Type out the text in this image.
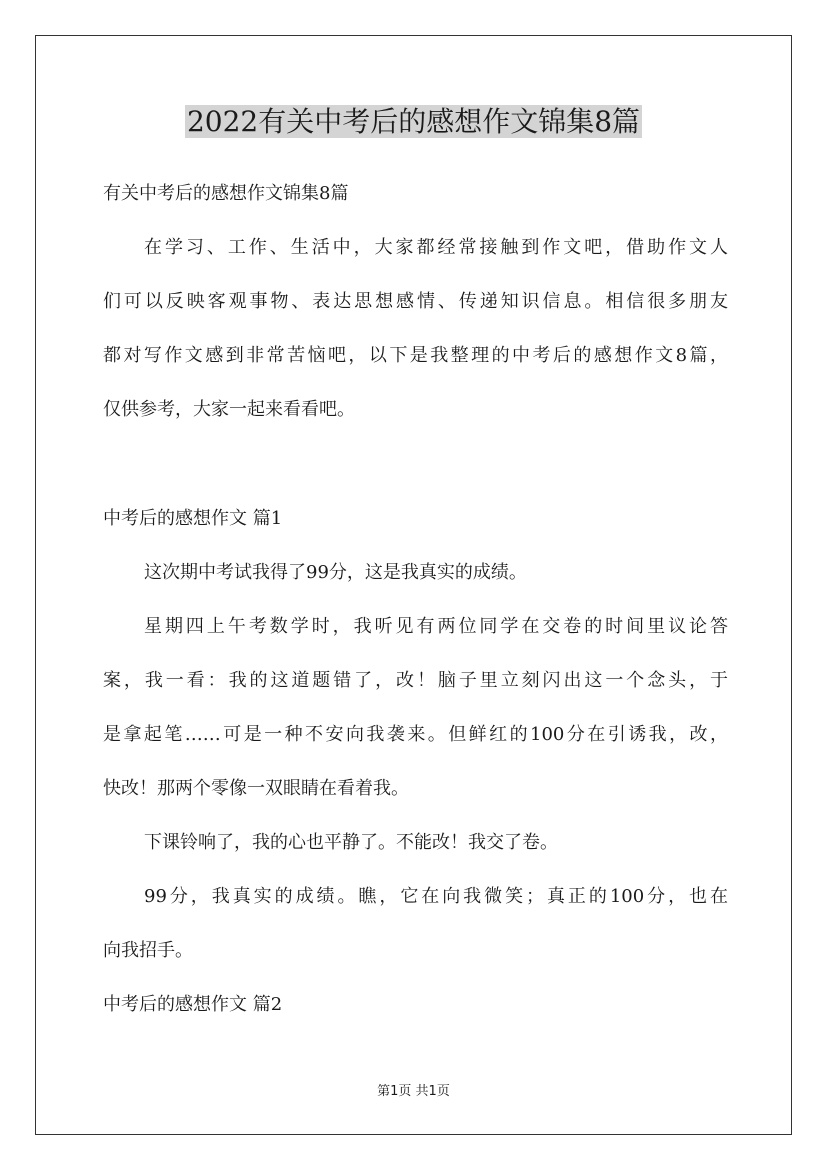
2022有关中考后的感想作文锦集8篇
有关中考后的感想作文锦集8篇
在学习、工作、生活中，大家都经常接触到作文吧，借助作文人
们可以反映客观事物、表达思想感情、传递知识信息。相信很多朋友
都对写作文感到非常苦恼吧，以下是我整理的中考后的感想作文8篇，
仅供参考，大家一起来看看吧。
中考后的感想作文 篇1
这次期中考试我得了99分，这是我真实的成绩。
星期四上午考数学时，我听见有两位同学在交卷的时间里议论答
案，我一看：我的这道题错了，改！脑子里立刻闪出这一个念头，于
是拿起笔……可是一种不安向我袭来。但鲜红的100分在引诱我，改，
快改！那两个零像一双眼睛在看着我。
下课铃响了，我的心也平静了。不能改！我交了卷。
99分，我真实的成绩。瞧，它在向我微笑；真正的100分，也在
向我招手。
中考后的感想作文 篇2
第1页 共1页
